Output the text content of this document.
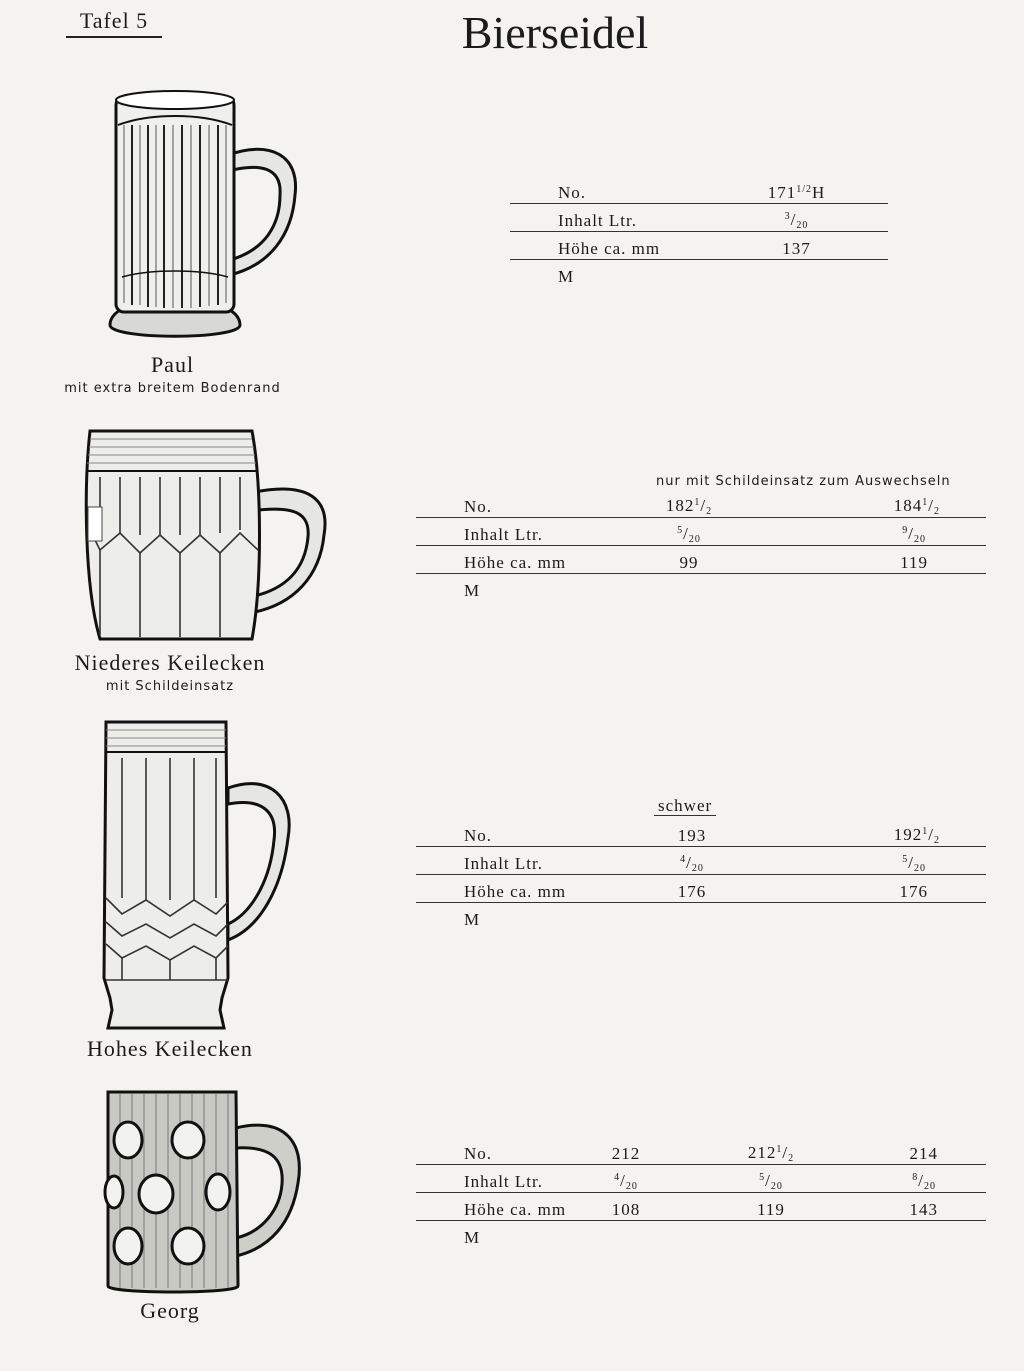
Tafel 5	Bierseidel
Paul
mit extra breitem Bodenrand
Niederes Keilecken
mit Schildeinsatz
Hohes Keilecken
Georg
No.	$171^{1/2}H$
Inhalt Ltr.	$^3/_{20}$
Höhe ca. mm	137
M	
nur mit Schildeinsatz zum Auswechseln
No.	$182^1/_2$	$184^1/_2$
Inhalt Ltr.	$^5/_{20}$	$^9/_{20}$
Höhe ca. mm	99	119
M		
schwer
No.	193	$192^1/_2$
Inhalt Ltr.	$^4/_{20}$	$^5/_{20}$
Höhe ca. mm	176	176
M		
No.	212	$212^1/_2$	214
Inhalt Ltr.	$^4/_{20}$	$^5/_{20}$	$^8/_{20}$
Höhe ca. mm	108	119	143
M			
